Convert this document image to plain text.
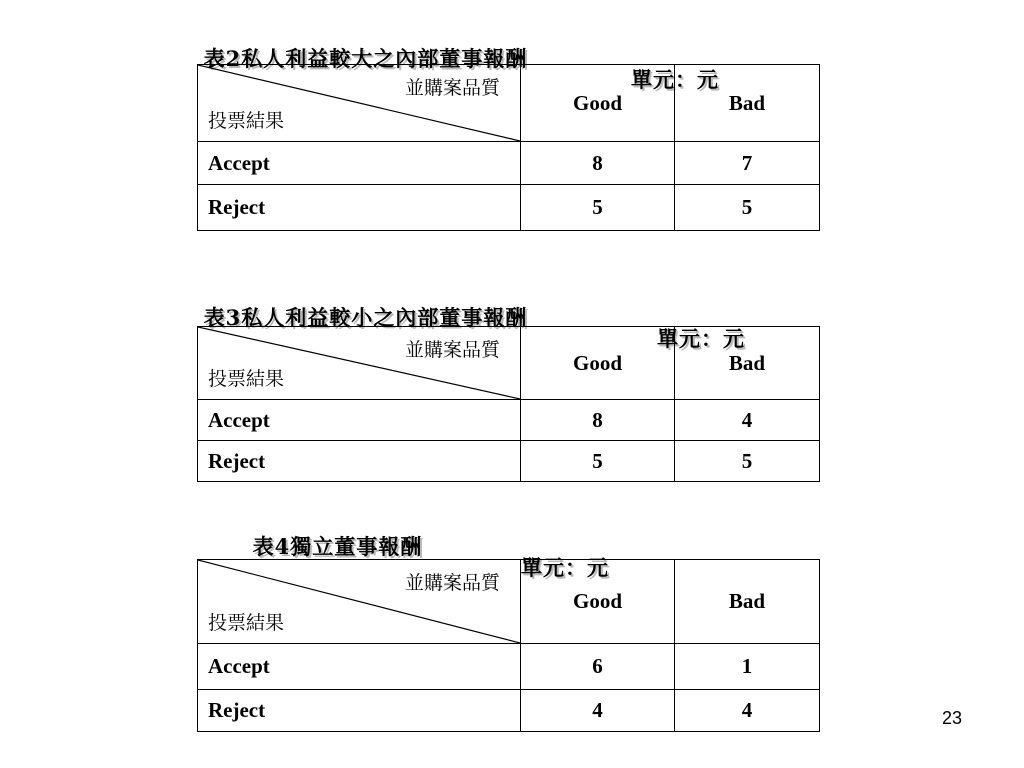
表2私人利益較大之內部董事報酬

單元：元

並購案品質
投票結果	Good	Bad
Accept	8	7
Reject	5	5

表3私人利益較小之內部董事報酬

單元：元

並購案品質
投票結果	Good	Bad
Accept	8	4
Reject	5	5

表4獨立董事報酬

單元：元

並購案品質
投票結果	Good	Bad
Accept	6	1
Reject	4	4	23
